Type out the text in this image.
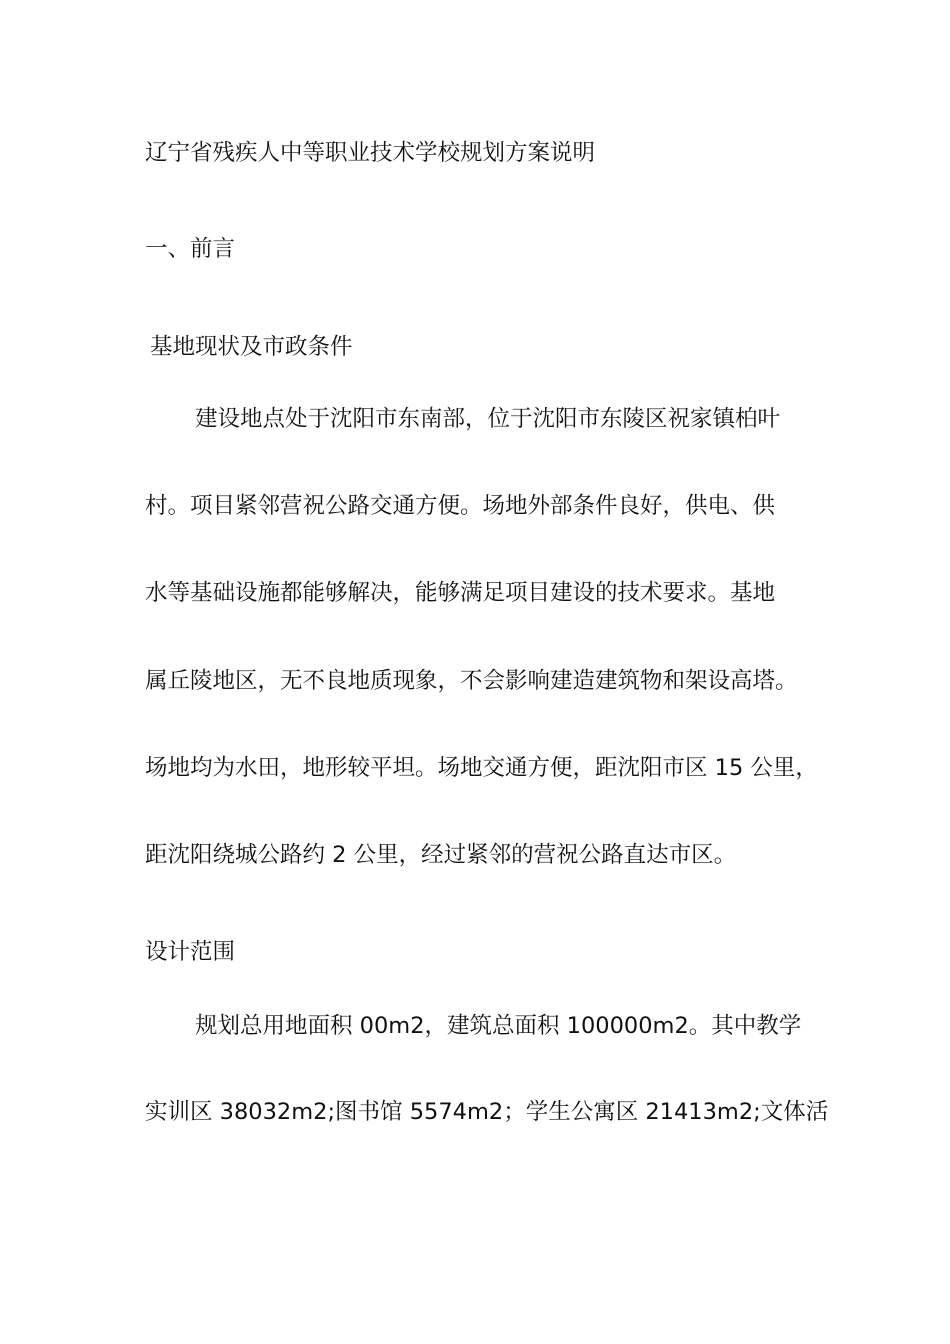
辽宁省残疾人中等职业技术学校规划方案说明
一、前言
基地现状及市政条件
建设地点处于沈阳市东南部，位于沈阳市东陵区祝家镇柏叶
村。项目紧邻营祝公路交通方便。场地外部条件良好，供电、供
水等基础设施都能够解决，能够满足项目建设的技术要求。基地
属丘陵地区，无不良地质现象，不会影响建造建筑物和架设高塔。
场地均为水田，地形较平坦。场地交通方便，距沈阳市区 15 公里，
距沈阳绕城公路约 2 公里，经过紧邻的营祝公路直达市区。
设计范围
规划总用地面积 00m2，建筑总面积 100000m2。其中教学
实训区 38032m2;图书馆 5574m2；学生公寓区 21413m2;文体活
